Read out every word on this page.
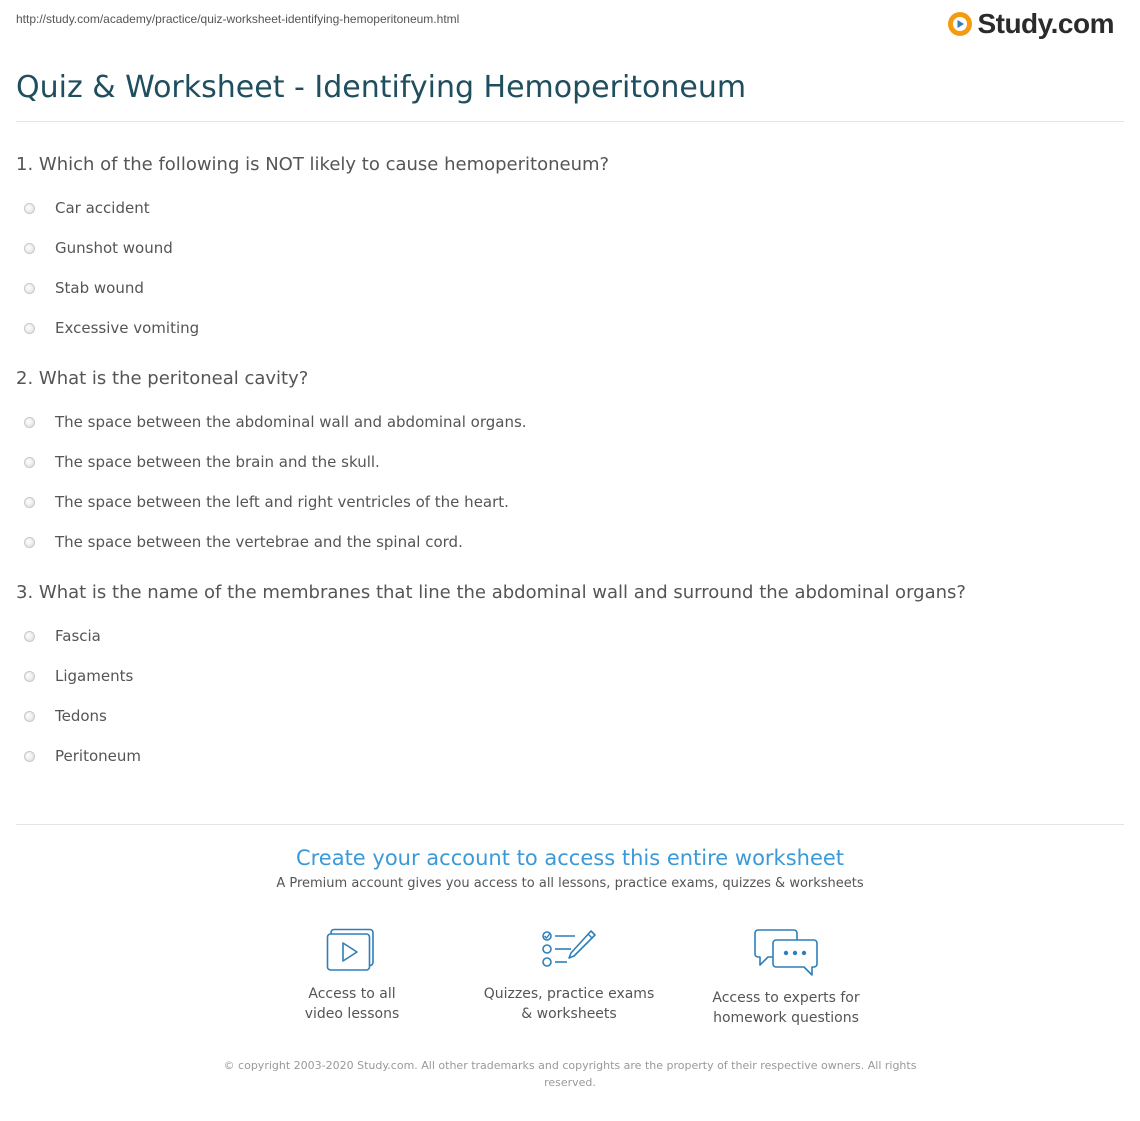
http://study.com/academy/practice/quiz-worksheet-identifying-hemoperitoneum.html	Study.com
Quiz & Worksheet - Identifying Hemoperitoneum

1. Which of the following is NOT likely to cause hemoperitoneum?

Car accident
Gunshot wound
Stab wound
Excessive vomiting

2. What is the peritoneal cavity?

The space between the abdominal wall and abdominal organs.
The space between the brain and the skull.
The space between the left and right ventricles of the heart.
The space between the vertebrae and the spinal cord.

3. What is the name of the membranes that line the abdominal wall and surround the abdominal organs?

Fascia
Ligaments
Tedons
Peritoneum
Create your account to access this entire worksheet
A Premium account gives you access to all lessons, practice exams, quizzes & worksheets
Access to all
video lessons
Quizzes, practice exams
& worksheets
Access to experts for
homework questions
© copyright 2003-2020 Study.com. All other trademarks and copyrights are the property of their respective owners. All rights reserved.
